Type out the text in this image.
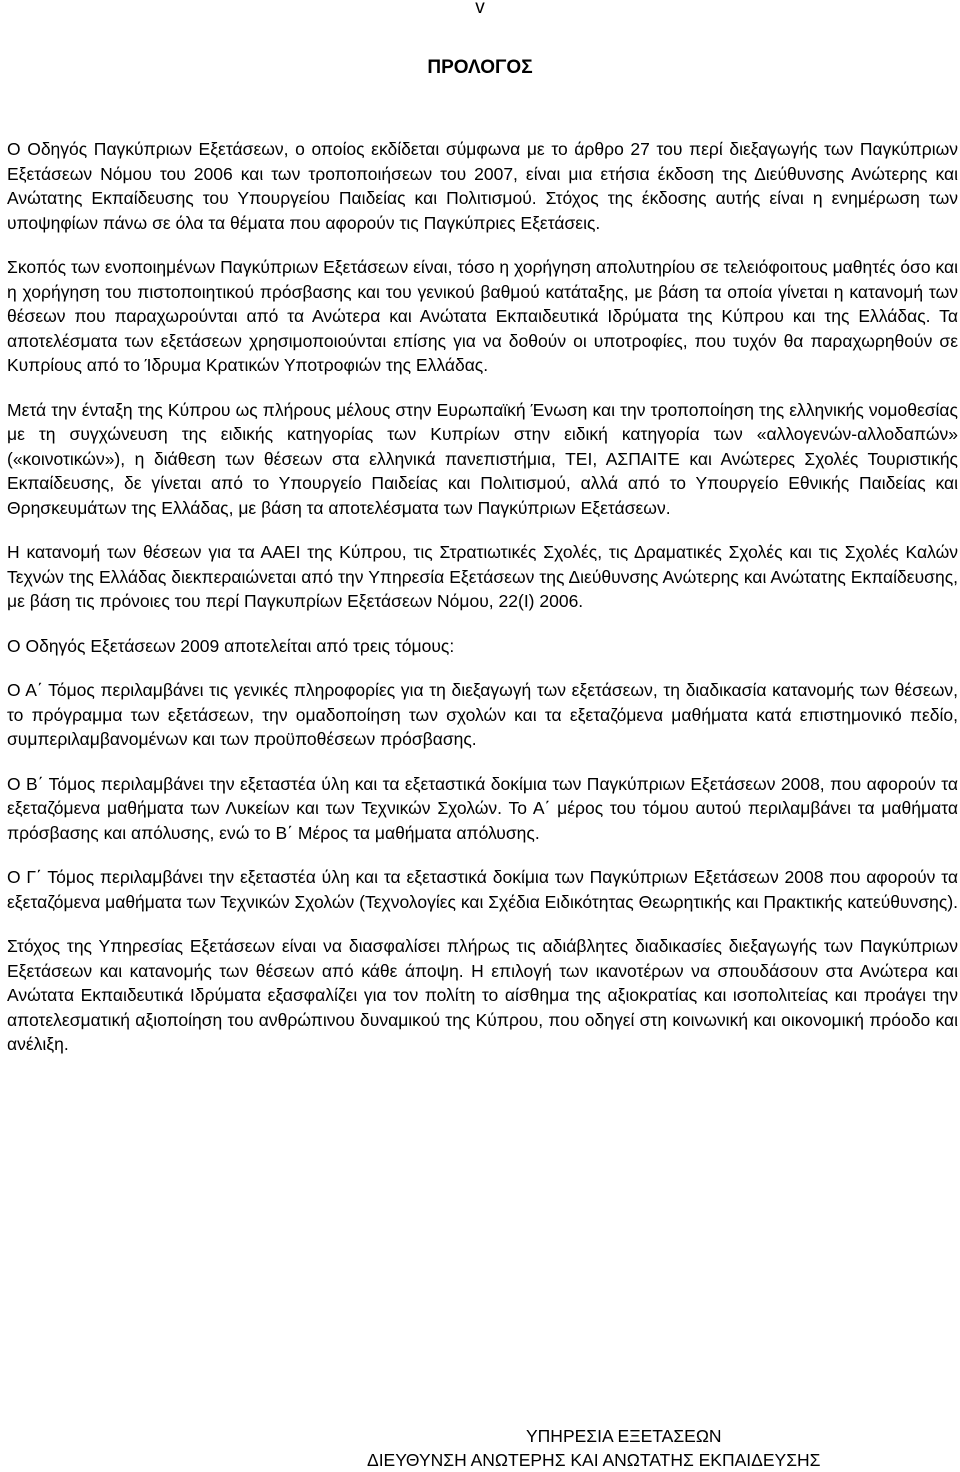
v
ΠΡΟΛΟΓΟΣ

Ο Οδηγός Παγκύπριων Εξετάσεων, ο οποίος εκδίδεται σύμφωνα με το άρθρο 27 του περί διεξαγωγής των Παγκύπριων Εξετάσεων Νόμου του 2006 και των τροποποιήσεων του 2007, είναι μια ετήσια έκδοση της Διεύθυνσης Ανώτερης και Ανώτατης Εκπαίδευσης του Υπουργείου Παιδείας και Πολιτισμού. Στόχος της έκδοσης αυτής είναι η ενημέρωση των υποψηφίων πάνω σε όλα τα θέματα που αφορούν τις Παγκύπριες Εξετάσεις.

Σκοπός των ενοποιημένων Παγκύπριων Εξετάσεων είναι, τόσο η χορήγηση απολυτηρίου σε τελειόφοιτους μαθητές όσο και η χορήγηση του πιστοποιητικού πρόσβασης και του γενικού βαθμού κατάταξης, με βάση τα οποία γίνεται η κατανομή των θέσεων που παραχωρούνται από τα Ανώτερα και Ανώτατα Εκπαιδευτικά Ιδρύματα της Κύπρου και της Ελλάδας. Τα αποτελέσματα των εξετάσεων χρησιμοποιούνται επίσης για να δοθούν οι υποτροφίες, που τυχόν θα παραχωρηθούν σε Κυπρίους από το Ίδρυμα Κρατικών Υποτροφιών της Ελλάδας.

Μετά την ένταξη της Κύπρου ως πλήρους μέλους στην Ευρωπαϊκή Ένωση και την τροποποίηση της ελληνικής νομοθεσίας με τη συγχώνευση της ειδικής κατηγορίας των Κυπρίων στην ειδική κατηγορία των «αλλογενών-αλλοδαπών» («κοινοτικών»), η διάθεση των θέσεων στα ελληνικά πανεπιστήμια, ΤΕΙ, ΑΣΠΑΙΤΕ και Ανώτερες Σχολές Τουριστικής Εκπαίδευσης, δε γίνεται από το Υπουργείο Παιδείας και Πολιτισμού, αλλά από το Υπουργείο Εθνικής Παιδείας και Θρησκευμάτων της Ελλάδας, με βάση τα αποτελέσματα των Παγκύπριων Εξετάσεων.

Η κατανομή των θέσεων για τα ΑΑΕΙ της Κύπρου, τις Στρατιωτικές Σχολές, τις Δραματικές Σχολές και τις Σχολές Καλών Τεχνών της Ελλάδας διεκπεραιώνεται από την Υπηρεσία Εξετάσεων της Διεύθυνσης Ανώτερης και Ανώτατης Εκπαίδευσης, με βάση τις πρόνοιες του περί Παγκυπρίων Εξετάσεων Νόμου, 22(Ι) 2006.

Ο Οδηγός Εξετάσεων 2009 αποτελείται από τρεις τόμους:

Ο Α΄ Τόμος περιλαμβάνει τις γενικές πληροφορίες για τη διεξαγωγή των εξετάσεων, τη διαδικασία κατανομής των θέσεων, το πρόγραμμα των εξετάσεων, την ομαδοποίηση των σχολών και τα εξεταζόμενα μαθήματα κατά επιστημονικό πεδίο, συμπεριλαμβανομένων και των προϋποθέσεων πρόσβασης.

Ο Β΄ Τόμος περιλαμβάνει την εξεταστέα ύλη και τα εξεταστικά δοκίμια των Παγκύπριων Εξετάσεων 2008, που αφορούν τα εξεταζόμενα μαθήματα των Λυκείων και των Τεχνικών Σχολών. Το Α΄ μέρος του τόμου αυτού περιλαμβάνει τα μαθήματα πρόσβασης και απόλυσης, ενώ το Β΄ Μέρος τα μαθήματα απόλυσης.

Ο Γ΄ Τόμος περιλαμβάνει την εξεταστέα ύλη και τα εξεταστικά δοκίμια των Παγκύπριων Εξετάσεων 2008 που αφορούν τα εξεταζόμενα μαθήματα των Τεχνικών Σχολών (Τεχνολογίες και Σχέδια Ειδικότητας Θεωρητικής και Πρακτικής κατεύθυνσης).

Στόχος της Υπηρεσίας Εξετάσεων είναι να διασφαλίσει πλήρως τις αδιάβλητες διαδικασίες διεξαγωγής των Παγκύπριων Εξετάσεων και κατανομής των θέσεων από κάθε άποψη. Η επιλογή των ικανοτέρων να σπουδάσουν στα Ανώτερα και Ανώτατα Εκπαιδευτικά Ιδρύματα εξασφαλίζει για τον πολίτη το αίσθημα της αξιοκρατίας και ισοπολιτείας και προάγει την αποτελεσματική αξιοποίηση του ανθρώπινου δυναμικού της Κύπρου, που οδηγεί στη κοινωνική και οικονομική πρόοδο και ανέλιξη.

ΥΠΗΡΕΣΙΑ ΕΞΕΤΑΣΕΩΝ
ΔΙΕΥΘΥΝΣΗ ΑΝΩΤΕΡΗΣ ΚΑΙ ΑΝΩΤΑΤΗΣ ΕΚΠΑΙΔΕΥΣΗΣ
